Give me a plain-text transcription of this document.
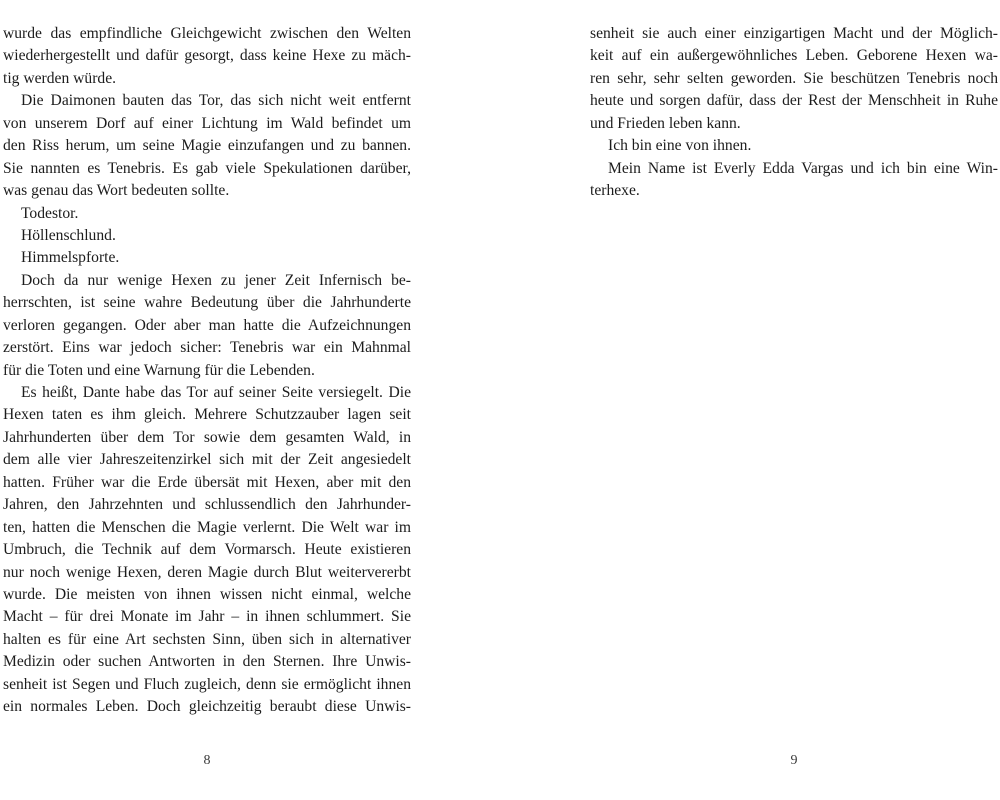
wurde das empfindliche Gleichgewicht zwischen den Welten
wiederhergestellt und dafür gesorgt, dass keine Hexe zu mäch-
tig werden würde.
Die Daimonen bauten das Tor, das sich nicht weit entfernt
von unserem Dorf auf einer Lichtung im Wald befindet um
den Riss herum, um seine Magie einzufangen und zu bannen.
Sie nannten es Tenebris. Es gab viele Spekulationen darüber,
was genau das Wort bedeuten sollte.
Todestor.
Höllenschlund.
Himmelspforte.
Doch da nur wenige Hexen zu jener Zeit Infernisch be-
herrschten, ist seine wahre Bedeutung über die Jahrhunderte
verloren gegangen. Oder aber man hatte die Aufzeichnungen
zerstört. Eins war jedoch sicher: Tenebris war ein Mahnmal
für die Toten und eine Warnung für die Lebenden.
Es heißt, Dante habe das Tor auf seiner Seite versiegelt. Die
Hexen taten es ihm gleich. Mehrere Schutzzauber lagen seit
Jahrhunderten über dem Tor sowie dem gesamten Wald, in
dem alle vier Jahreszeitenzirkel sich mit der Zeit angesiedelt
hatten. Früher war die Erde übersät mit Hexen, aber mit den
Jahren, den Jahrzehnten und schlussendlich den Jahrhunder-
ten, hatten die Menschen die Magie verlernt. Die Welt war im
Umbruch, die Technik auf dem Vormarsch. Heute existieren
nur noch wenige Hexen, deren Magie durch Blut weitervererbt
wurde. Die meisten von ihnen wissen nicht einmal, welche
Macht – für drei Monate im Jahr – in ihnen schlummert. Sie
halten es für eine Art sechsten Sinn, üben sich in alternativer
Medizin oder suchen Antworten in den Sternen. Ihre Unwis-
senheit ist Segen und Fluch zugleich, denn sie ermöglicht ihnen
ein normales Leben. Doch gleichzeitig beraubt diese Unwis-
8
senheit sie auch einer einzigartigen Macht und der Möglich-
keit auf ein außergewöhnliches Leben. Geborene Hexen wa-
ren sehr, sehr selten geworden. Sie beschützen Tenebris noch
heute und sorgen dafür, dass der Rest der Menschheit in Ruhe
und Frieden leben kann.
Ich bin eine von ihnen.
Mein Name ist Everly Edda Vargas und ich bin eine Win-
terhexe.
9
